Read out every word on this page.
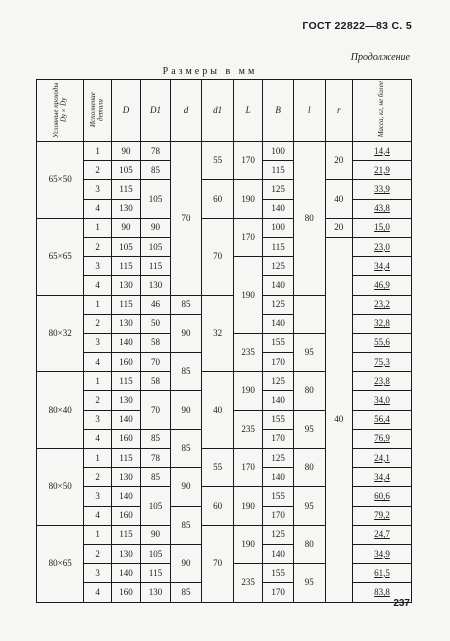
ГОСТ 22822—83 С. 5
Продолжение
Размеры в мм
Условные проходы Dy×Dy	Исполнение детали	D	D1	d	d1	L	B	l	r	Масса, кг, не более
65×50	1	90	78	70	55	170	100	80	20	14,4
	2	105	85				115			21,9
	3	115	105		60	190	125		40	33,9
	4	130					140			43,8
65×65	1	90	90		70	170	100		20	15,0
	2	105	105				115		40	23,0
	3	115	115			190	125			34,4
	4	130	130				140			46,9
80×32	1	115	46	85	32		125			23,2
	2	130	50	90			140			32,8
	3	140	58			235	155	95		55,6
	4	160	70	85			170			75,3
80×40	1	115	58		40	190	125	80		23,8
	2	130	70	90			140			34,0
	3	140				235	155	95		56,4
	4	160	85	85			170			76,9
80×50	1	115	78		55	170	125	80		24,1
	2	130	85	90			140			34,4
	3	140	105		60	190	155	95		60,6
	4	160		85			170			79,2
80×65	1	115	90		70	190	125	80		24,7
	2	130	105	90			140			34,9
	3	140	115			235	155	95		61,5
	4	160	130	85			170			83,8
237
